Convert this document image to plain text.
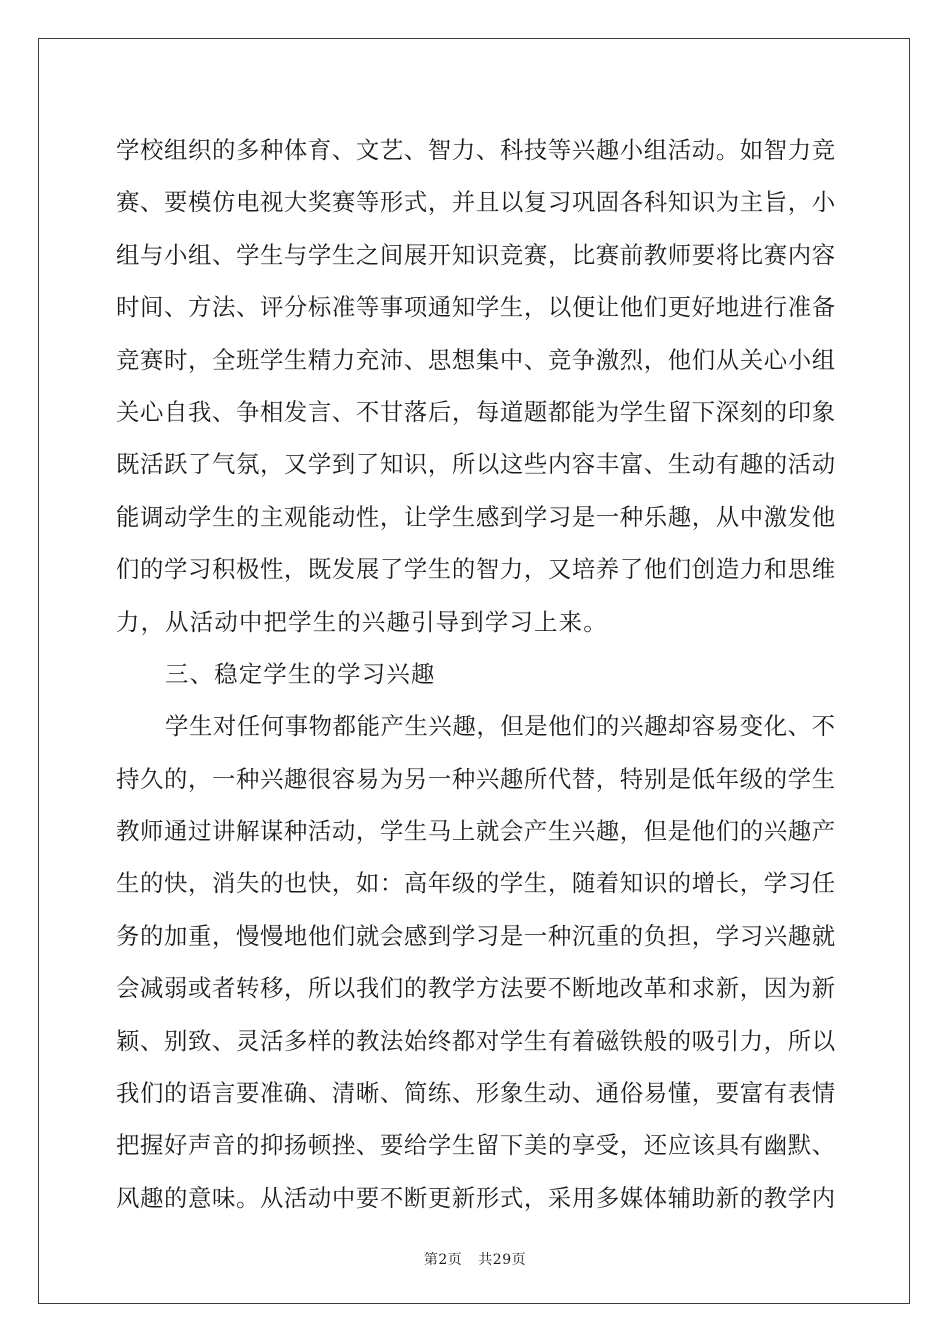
学校组织的多种体育、文艺、智力、科技等兴趣小组活动。如智力竞
赛、要模仿电视大奖赛等形式，并且以复习巩固各科知识为主旨，小
组与小组、学生与学生之间展开知识竞赛，比赛前教师要将比赛内容
时间、方法、评分标准等事项通知学生，以便让他们更好地进行准备
竞赛时，全班学生精力充沛、思想集中、竞争激烈，他们从关心小组
关心自我、争相发言、不甘落后，每道题都能为学生留下深刻的印象
既活跃了气氛，又学到了知识，所以这些内容丰富、生动有趣的活动
能调动学生的主观能动性，让学生感到学习是一种乐趣，从中激发他
们的学习积极性，既发展了学生的智力，又培养了他们创造力和思维
力，从活动中把学生的兴趣引导到学习上来。
三、稳定学生的学习兴趣
学生对任何事物都能产生兴趣，但是他们的兴趣却容易变化、不
持久的，一种兴趣很容易为另一种兴趣所代替，特别是低年级的学生
教师通过讲解谋种活动，学生马上就会产生兴趣，但是他们的兴趣产
生的快，消失的也快，如：高年级的学生，随着知识的增长，学习任
务的加重，慢慢地他们就会感到学习是一种沉重的负担，学习兴趣就
会减弱或者转移，所以我们的教学方法要不断地改革和求新，因为新
颖、别致、灵活多样的教法始终都对学生有着磁铁般的吸引力，所以
我们的语言要准确、清晰、简练、形象生动、通俗易懂，要富有表情
把握好声音的抑扬顿挫、要给学生留下美的享受，还应该具有幽默、
风趣的意味。从活动中要不断更新形式，采用多媒体辅助新的教学内
第2页 共29页
